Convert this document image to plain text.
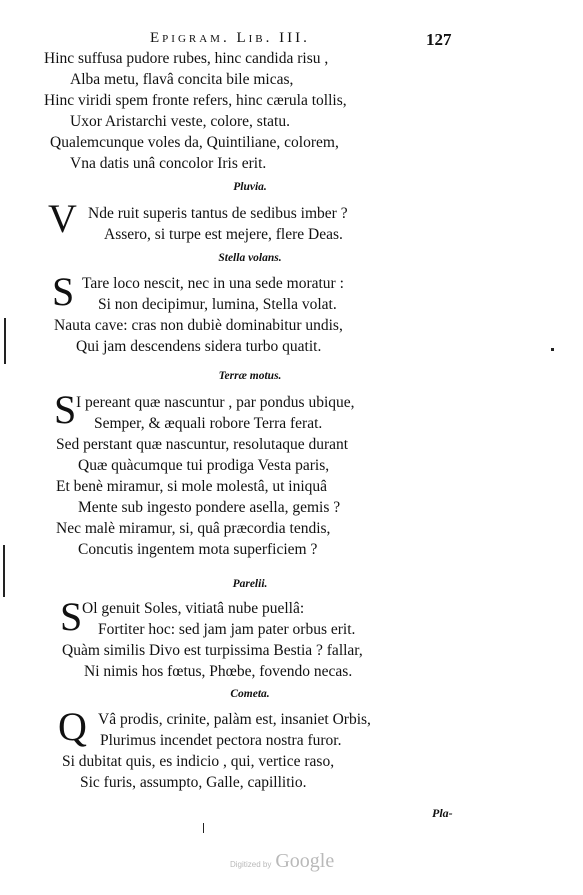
Epigram. Lib. III.	127
Hinc suffusa pudore rubes, hinc candida risu ,
Alba metu, flavâ concita bile micas,
Hinc viridi spem fronte refers, hinc cærula tollis,
Uxor Aristarchi veste, colore, statu.
Qualemcunque voles da, Quintiliane, colorem,
Vna datis unâ concolor Iris erit.
Pluvia.
V Nde ruit superis tantus de sedibus imber ?
Assero, si turpe est mejere, flere Deas.
Stella volans.
S Tare loco nescit, nec in una sede moratur :
Si non decipimur, lumina, Stella volat.
Nauta cave: cras non dubiè dominabitur undis,
Qui jam descendens sidera turbo quatit.
Terræ motus.
S I pereant quæ nascuntur , par pondus ubique,
Semper, & æquali robore Terra ferat.
Sed perstant quæ nascuntur, resolutaque durant
Quæ quàcumque tui prodiga Vesta paris,
Et benè miramur, si mole molestâ, ut iniquâ
Mente sub ingesto pondere asella, gemis ?
Nec malè miramur, si, quâ præcordia tendis,
Concutis ingentem mota superficiem ?
Parelii.
S Ol genuit Soles, vitiatâ nube puellâ:
Fortiter hoc: sed jam jam pater orbus erit.
Quàm similis Divo est turpissima Bestia ? fallar,
Ni nimis hos fœtus, Phœbe, fovendo necas.
Cometa.
Q Vâ prodis, crinite, palàm est, insaniet Orbis,
Plurimus incendet pectora nostra furor.
Si dubitat quis, es indicio , qui, vertice raso,
Sic furis, assumpto, Galle, capillitio.
Pla-
Digitized by Google
